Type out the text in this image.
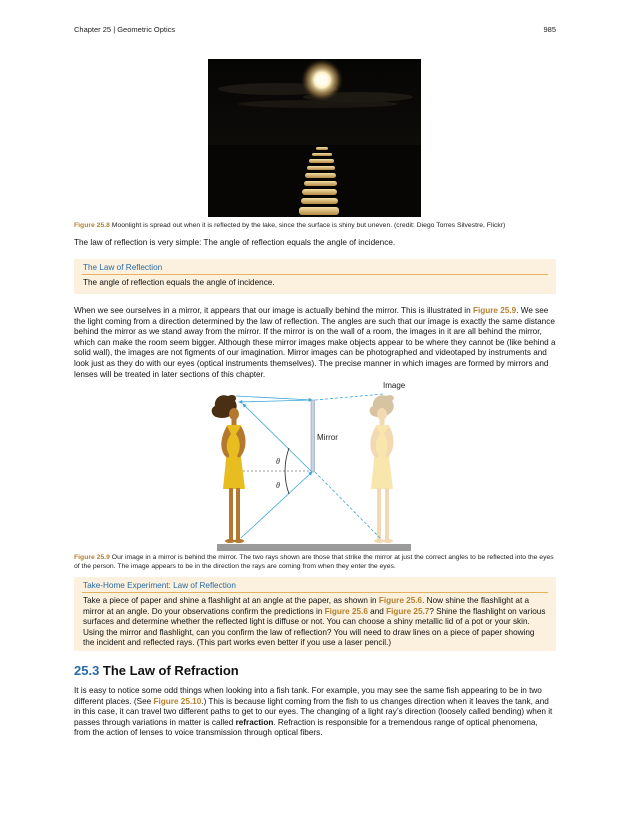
Chapter 25 | Geometric Optics	985
Figure 25.8 Moonlight is spread out when it is reflected by the lake, since the surface is shiny but uneven. (credit: Diego Torres Silvestre, Flickr)

The law of reflection is very simple: The angle of reflection equals the angle of incidence.

The Law of Reflection

The angle of reflection equals the angle of incidence.

When we see ourselves in a mirror, it appears that our image is actually behind the mirror. This is illustrated in Figure 25.9. We see the light coming from a direction determined by the law of reflection. The angles are such that our image is exactly the same distance behind the mirror as we stand away from the mirror. If the mirror is on the wall of a room, the images in it are all behind the mirror, which can make the room seem bigger. Although these mirror images make objects appear to be where they cannot be (like behind a solid wall), the images are not figments of our imagination. Mirror images can be photographed and videotaped by instruments and look just as they do with our eyes (optical instruments themselves). The precise manner in which images are formed by mirrors and lenses will be treated in later sections of this chapter.

Image
Mirror
θ
θ
Figure 25.9 Our image in a mirror is behind the mirror. The two rays shown are those that strike the mirror at just the correct angles to be reflected into the eyes of the person. The image appears to be in the direction the rays are coming from when they enter the eyes.
Take-Home Experiment: Law of Reflection

Take a piece of paper and shine a flashlight at an angle at the paper, as shown in Figure 25.6. Now shine the flashlight at a mirror at an angle. Do your observations confirm the predictions in Figure 25.6 and Figure 25.7? Shine the flashlight on various surfaces and determine whether the reflected light is diffuse or not. You can choose a shiny metallic lid of a pot or your skin. Using the mirror and flashlight, can you confirm the law of reflection? You will need to draw lines on a piece of paper showing the incident and reflected rays. (This part works even better if you use a laser pencil.)

25.3 The Law of Refraction

It is easy to notice some odd things when looking into a fish tank. For example, you may see the same fish appearing to be in two different places. (See Figure 25.10.) This is because light coming from the fish to us changes direction when it leaves the tank, and in this case, it can travel two different paths to get to our eyes. The changing of a light ray’s direction (loosely called bending) when it passes through variations in matter is called refraction. Refraction is responsible for a tremendous range of optical phenomena, from the action of lenses to voice transmission through optical fibers.
